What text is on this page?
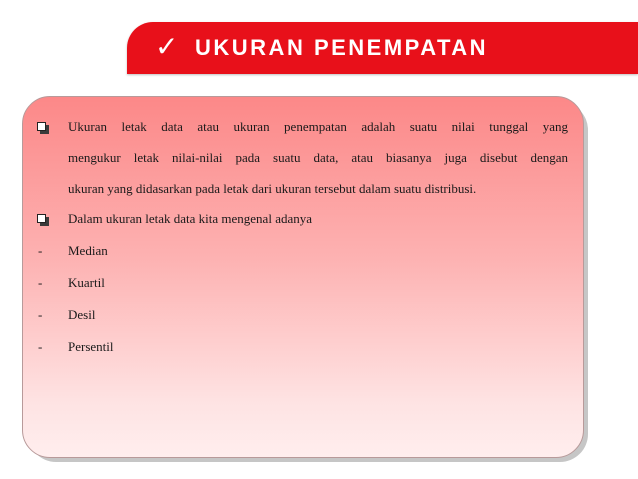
✓ UKURAN PENEMPATAN
Ukuran letak data atau ukuran penempatan adalah suatu nilai tunggal yang
mengukur letak nilai-nilai pada suatu data, atau biasanya juga disebut dengan
ukuran yang didasarkan pada letak dari ukuran tersebut dalam suatu distribusi.
Dalam ukuran letak data kita mengenal adanya
- Median
- Kuartil
- Desil
- Persentil
